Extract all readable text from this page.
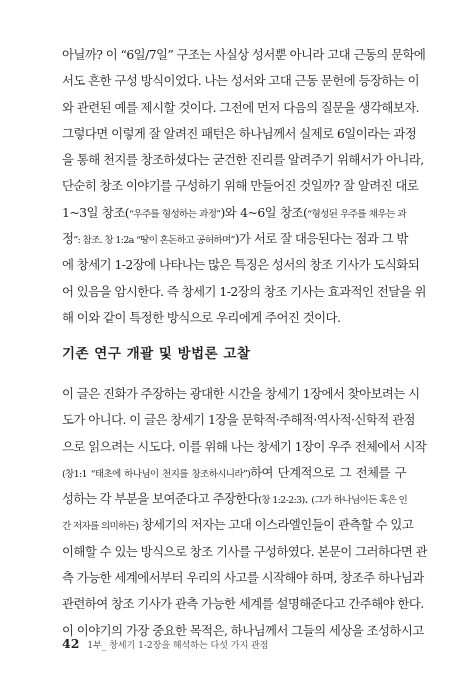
아닐까? 이 “6일/7일” 구조는 사실상 성서뿐 아니라 고대 근동의 문학에
서도 흔한 구성 방식이었다. 나는 성서와 고대 근동 문헌에 등장하는 이
와 관련된 예를 제시할 것이다. 그전에 먼저 다음의 질문을 생각해보자.
그렇다면 이렇게 잘 알려진 패턴은 하나님께서 실제로 6일이라는 과정
을 통해 천지를 창조하셨다는 굳건한 진리를 알려주기 위해서가 아니라,
단순히 창조 이야기를 구성하기 위해 만들어진 것일까? 잘 알려진 대로
1~3일 창조(“우주를 형성하는 과정”)와 4~6일 창조(“형성된 우주를 채우는 과
정”: 참조. 창 1:2a “땅이 혼돈하고 공허하며”)가 서로 잘 대응된다는 점과 그 밖
에 창세기 1-2장에 나타나는 많은 특징은 성서의 창조 기사가 도식화되
어 있음을 암시한다. 즉 창세기 1-2장의 창조 기사는 효과적인 전달을 위
해 이와 같이 특정한 방식으로 우리에게 주어진 것이다.
기존 연구 개괄 및 방법론 고찰
이 글은 진화가 주장하는 광대한 시간을 창세기 1장에서 찾아보려는 시
도가 아니다. 이 글은 창세기 1장을 문학적·주해적·역사적·신학적 관점
으로 읽으려는 시도다. 이를 위해 나는 창세기 1장이 우주 전체에서 시작
(창1:1 “태초에 하나님이 천지를 창조하시니라”)하여 단계적으로 그 전체를 구
성하는 각 부분을 보여준다고 주장한다(창 1:2-2:3). (그가 하나님이든 혹은 인
간 저자를 의미하든) 창세기의 저자는 고대 이스라엘인들이 관측할 수 있고
이해할 수 있는 방식으로 창조 기사를 구성하였다. 본문이 그러하다면 관
측 가능한 세계에서부터 우리의 사고를 시작해야 하며, 창조주 하나님과
관련하여 창조 기사가 관측 가능한 세계를 설명해준다고 간주해야 한다.
이 이야기의 가장 중요한 목적은, 하나님께서 그들의 세상을 조성하시고
42 1부_ 창세기 1-2장을 해석하는 다섯 가지 관점
